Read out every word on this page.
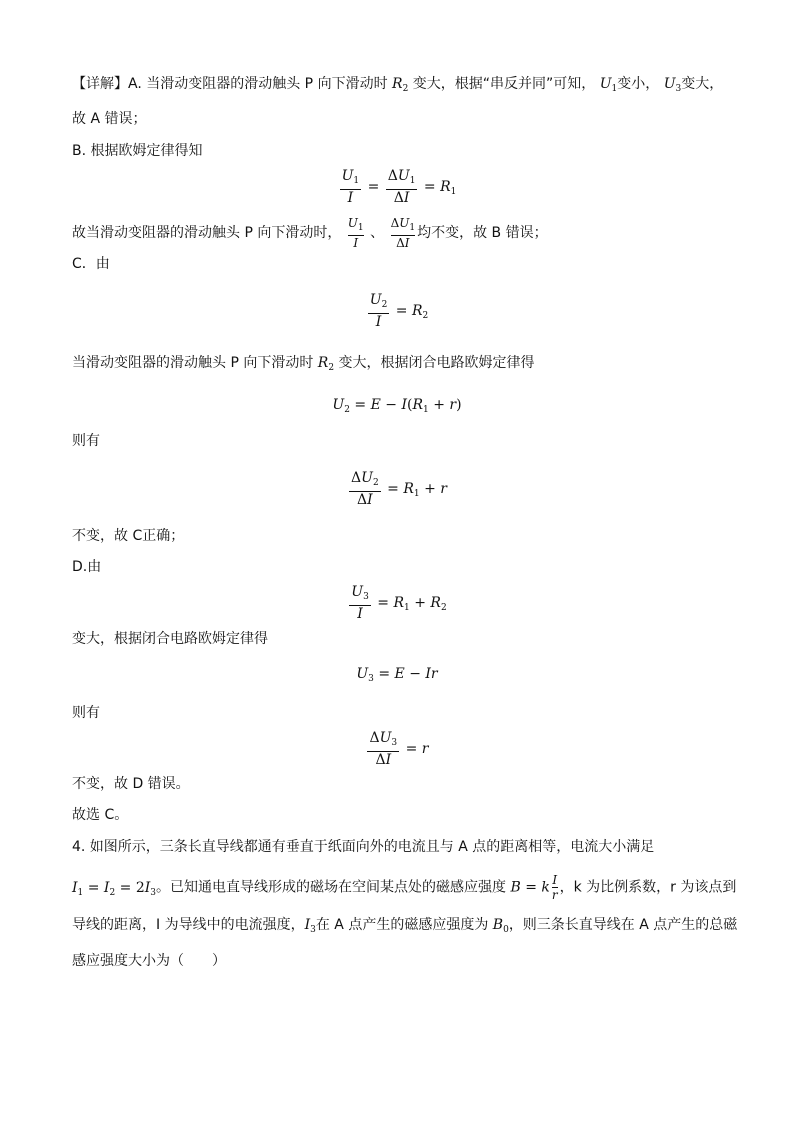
【详解】A. 当滑动变阻器的滑动触头 P 向下滑动时 $R_2$ 变大，根据“串反并同”可知， $U_1$变小， $U_3$变大，
故 A 错误；
B. 根据欧姆定律得知
$\frac{U_1}{I} = \frac{\Delta U_1}{\Delta I} = R_1$
故当滑动变阻器的滑动触头 P 向下滑动时， $\frac{U_1}{I}$ 、 $\frac{\Delta U_1}{\Delta I}$ 均不变，故 B 错误；
C．由
$\frac{U_2}{I} = R_2$
当滑动变阻器的滑动触头 P 向下滑动时 $R_2$ 变大，根据闭合电路欧姆定律得
$U_2 = E - I(R_1 + r)$
则有
$\frac{\Delta U_2}{\Delta I} = R_1 + r$
不变，故 C正确；
D.由
$\frac{U_3}{I} = R_1 + R_2$
变大，根据闭合电路欧姆定律得
$U_3 = E - Ir$
则有
$\frac{\Delta U_3}{\Delta I} = r$
不变，故 D 错误。
故选 C。
4. 如图所示，三条长直导线都通有垂直于纸面向外的电流且与 A 点的距离相等，电流大小满足
$I_1 = I_2 = 2I_3$。已知通电直导线形成的磁场在空间某点处的磁感应强度 B = k $\frac{I}{r}$ ，k 为比例系数，r 为该点到
导线的距离，I 为导线中的电流强度，$I_3$在 A 点产生的磁感应强度为 $B_0$，则三条长直导线在 A 点产生的总磁
感应强度大小为（　　）
